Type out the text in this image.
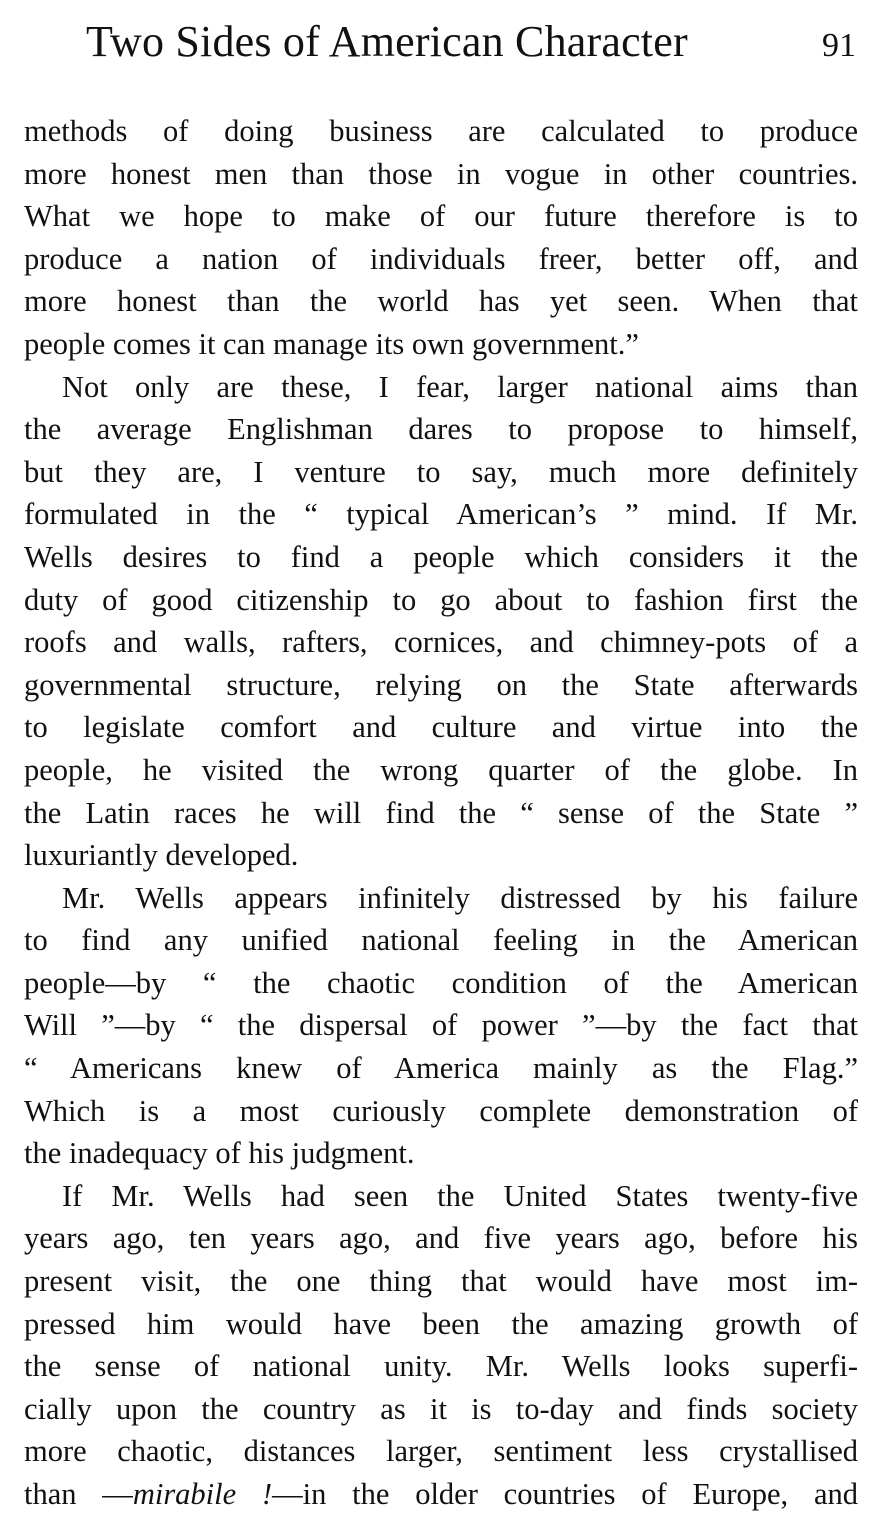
Two Sides of American Character	91
methods of doing business are calculated to produce
more honest men than those in vogue in other countries.
What we hope to make of our future therefore is to
produce a nation of individuals freer, better off, and
more honest than the world has yet seen. When that
people comes it can manage its own government.”
Not only are these, I fear, larger national aims than
the average Englishman dares to propose to himself,
but they are, I venture to say, much more definitely
formulated in the “ typical American’s ” mind. If Mr.
Wells desires to find a people which considers it the
duty of good citizenship to go about to fashion first the
roofs and walls, rafters, cornices, and chimney-pots of a
governmental structure, relying on the State afterwards
to legislate comfort and culture and virtue into the
people, he visited the wrong quarter of the globe. In
the Latin races he will find the “ sense of the State ”
luxuriantly developed.
Mr. Wells appears infinitely distressed by his failure
to find any unified national feeling in the American
people—by “ the chaotic condition of the American
Will ”—by “ the dispersal of power ”—by the fact that
“ Americans knew of America mainly as the Flag.”
Which is a most curiously complete demonstration of
the inadequacy of his judgment.
If Mr. Wells had seen the United States twenty-five
years ago, ten years ago, and five years ago, before his
present visit, the one thing that would have most im-
pressed him would have been the amazing growth of
the sense of national unity. Mr. Wells looks superfi-
cially upon the country as it is to-day and finds society
more chaotic, distances larger, sentiment less crystallised
than —mirabile !—in the older countries of Europe, and
